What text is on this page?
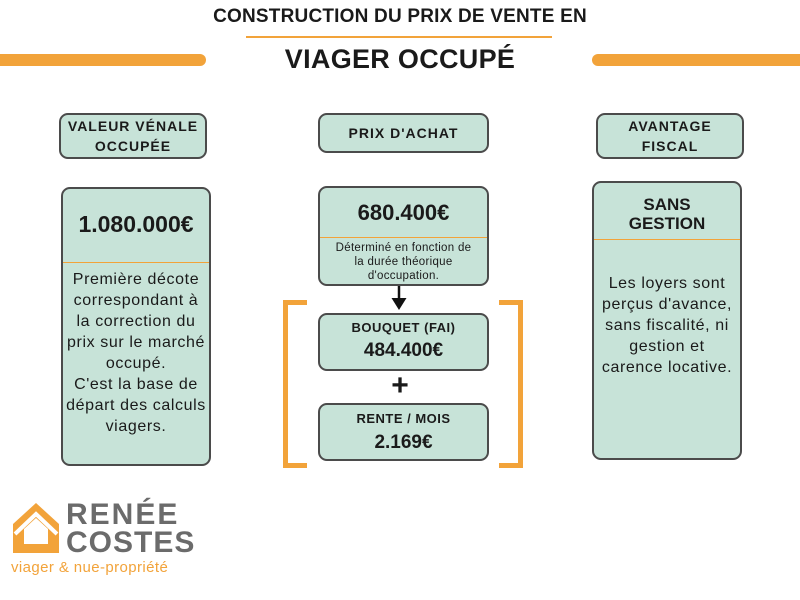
CONSTRUCTION DU PRIX DE VENTE EN
VIAGER OCCUPÉ
VALEUR VÉNALE
OCCUPÉE
1.080.000€
Première décote
correspondant à
la correction du
prix sur le marché
occupé.
C'est la base de
départ des calculs
viagers.
PRIX D'ACHAT
680.400€
Déterminé en fonction de
la durée théorique
d'occupation.
BOUQUET (FAI)
484.400€
+
RENTE / MOIS
2.169€
AVANTAGE
FISCAL
SANS
GESTION
Les loyers sont
perçus d'avance,
sans fiscalité, ni
gestion et
carence locative.
RENÉE
COSTES
viager & nue-propriété
